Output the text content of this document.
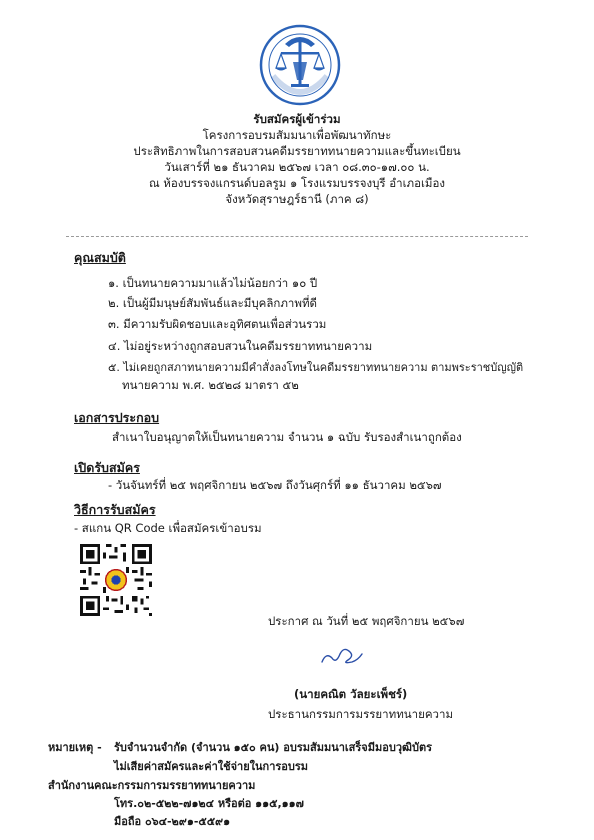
รับสมัครผู้เข้าร่วม
โครงการอบรมสัมมนาเพื่อพัฒนาทักษะ
ประสิทธิภาพในการสอบสวนคดีมรรยาททนายความและขึ้นทะเบียน
วันเสาร์ที่ ๒๑ ธันวาคม ๒๕๖๗ เวลา ๐๘.๓๐-๑๗.๐๐ น.
ณ ห้องบรรจงแกรนด์บอลรูม ๑ โรงแรมบรรจงบุรี อำเภอเมือง
จังหวัดสุราษฎร์ธานี (ภาค ๘)
คุณสมบัติ
๑. เป็นทนายความมาแล้วไม่น้อยกว่า ๑๐ ปี
๒. เป็นผู้มีมนุษย์สัมพันธ์และมีบุคลิกภาพที่ดี
๓. มีความรับผิดชอบและอุทิศตนเพื่อส่วนรวม
๔. ไม่อยู่ระหว่างถูกสอบสวนในคดีมรรยาททนายความ
๕. ไม่เคยถูกสภาทนายความมีคำสั่งลงโทษในคดีมรรยาททนายความ ตามพระราชบัญญัติ
ทนายความ พ.ศ. ๒๕๒๘ มาตรา ๕๒
เอกสารประกอบ
สำเนาใบอนุญาตให้เป็นทนายความ จำนวน ๑ ฉบับ รับรองสำเนาถูกต้อง
เปิดรับสมัคร
- วันจันทร์ที่ ๒๕ พฤศจิกายน ๒๕๖๗ ถึงวันศุกร์ที่ ๑๑ ธันวาคม ๒๕๖๗
วิธีการรับสมัคร
- สแกน QR Code เพื่อสมัครเข้าอบรม
ประกาศ ณ วันที่ ๒๕ พฤศจิกายน ๒๕๖๗
(นายคณิต วัลยะเพ็ชร์)
ประธานกรรมการมรรยาททนายความ
หมายเหตุ - รับจำนวนจำกัด (จำนวน ๑๕๐ คน) อบรมสัมมนาเสร็จมีมอบวุฒิบัตร
ไม่เสียค่าสมัครและค่าใช้จ่ายในการอบรม
สำนักงานคณะกรรมการมรรยาททนายความ
โทร.๐๒-๕๒๒-๗๑๒๔ หรือต่อ ๑๑๕,๑๑๗
มือถือ ๐๖๔-๒๙๑-๕๕๙๑
